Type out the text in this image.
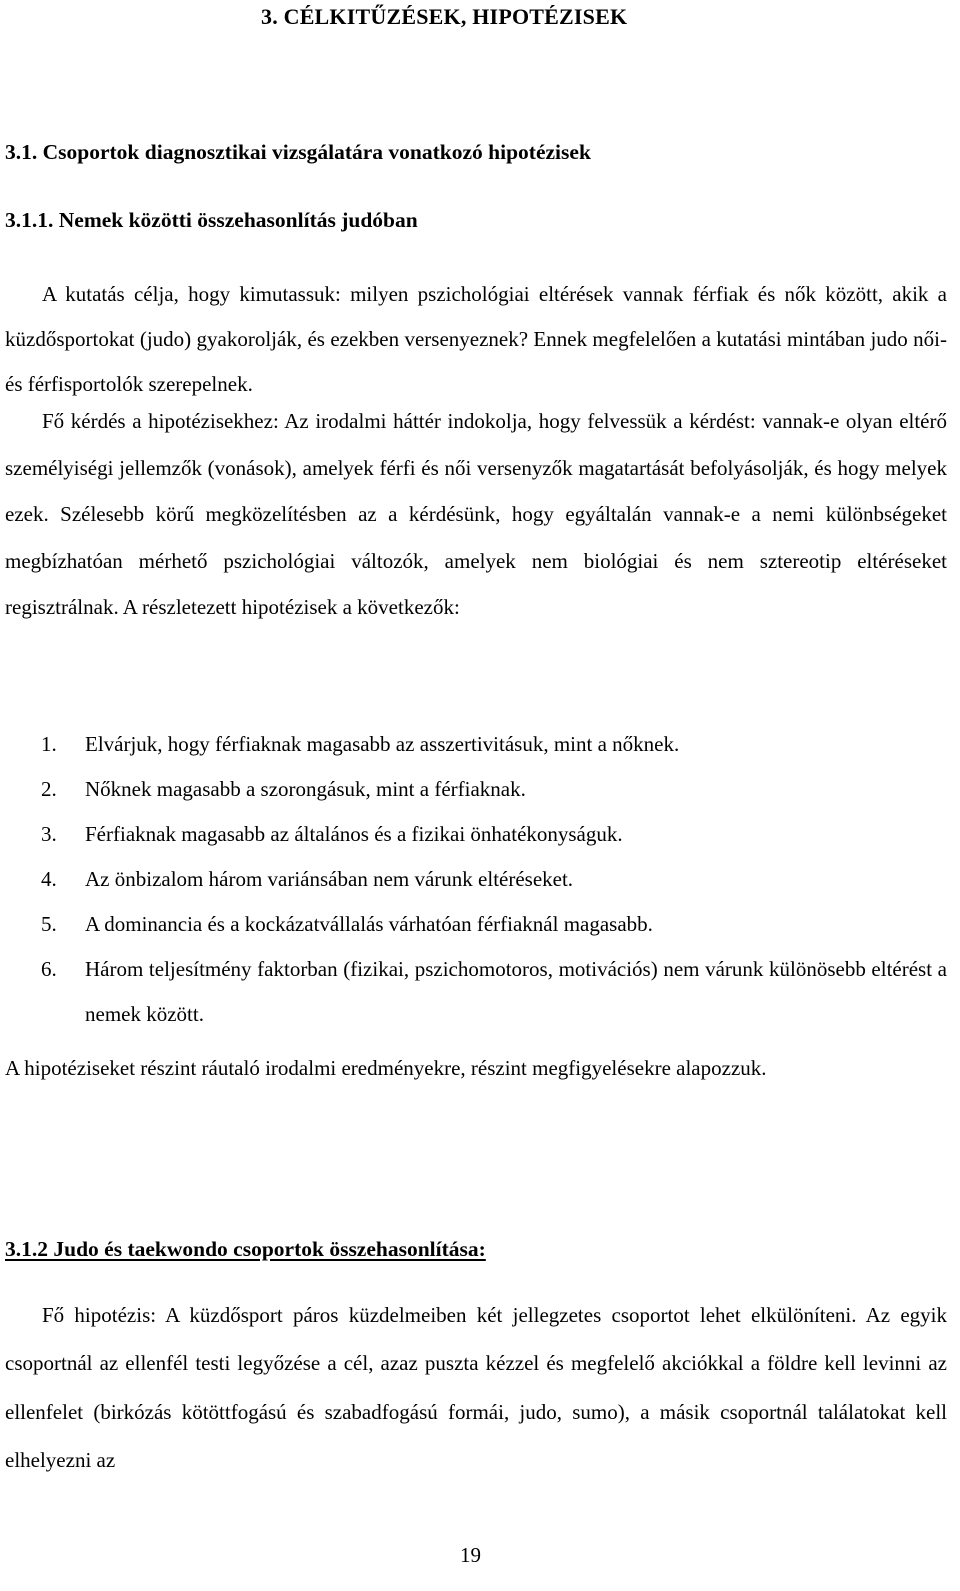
3. CÉLKITŰZÉSEK, HIPOTÉZISEK
3.1. Csoportok diagnosztikai vizsgálatára vonatkozó hipotézisek
3.1.1. Nemek közötti összehasonlítás judóban

A kutatás célja, hogy kimutassuk: milyen pszichológiai eltérések vannak férfiak és nők között, akik a küzdősportokat (judo) gyakorolják, és ezekben versenyeznek? Ennek megfelelően a kutatási mintában judo női- és férfisportolók szerepelnek.

Fő kérdés a hipotézisekhez: Az irodalmi háttér indokolja, hogy felvessük a kérdést: vannak-e olyan eltérő személyiségi jellemzők (vonások), amelyek férfi és női versenyzők magatartását befolyásolják, és hogy melyek ezek. Szélesebb körű megközelítésben az a kérdésünk, hogy egyáltalán vannak-e a nemi különbségeket megbízhatóan mérhető pszichológiai változók, amelyek nem biológiai és nem sztereotip eltéréseket regisztrálnak. A részletezett hipotézisek a következők:

1.	Elvárjuk, hogy férfiaknak magasabb az asszertivitásuk, mint a nőknek.
2.	Nőknek magasabb a szorongásuk, mint a férfiaknak.
3.	Férfiaknak magasabb az általános és a fizikai önhatékonyságuk.
4.	Az önbizalom három variánsában nem várunk eltéréseket.
5.	A dominancia és a kockázatvállalás várhatóan férfiaknál magasabb.
6.	Három teljesítmény faktorban (fizikai, pszichomotoros, motivációs) nem várunk különösebb eltérést a nemek között.

A hipotéziseket részint ráutaló irodalmi eredményekre, részint megfigyelésekre alapozzuk.

3.1.2 Judo és taekwondo csoportok összehasonlítása:

Fő hipotézis: A küzdősport páros küzdelmeiben két jellegzetes csoportot lehet elkülöníteni. Az egyik csoportnál az ellenfél testi legyőzése a cél, azaz puszta kézzel és megfelelő akciókkal a földre kell levinni az ellenfelet (birkózás kötöttfogású és szabadfogású formái, judo, sumo), a másik csoportnál találatokat kell elhelyezni az

19
